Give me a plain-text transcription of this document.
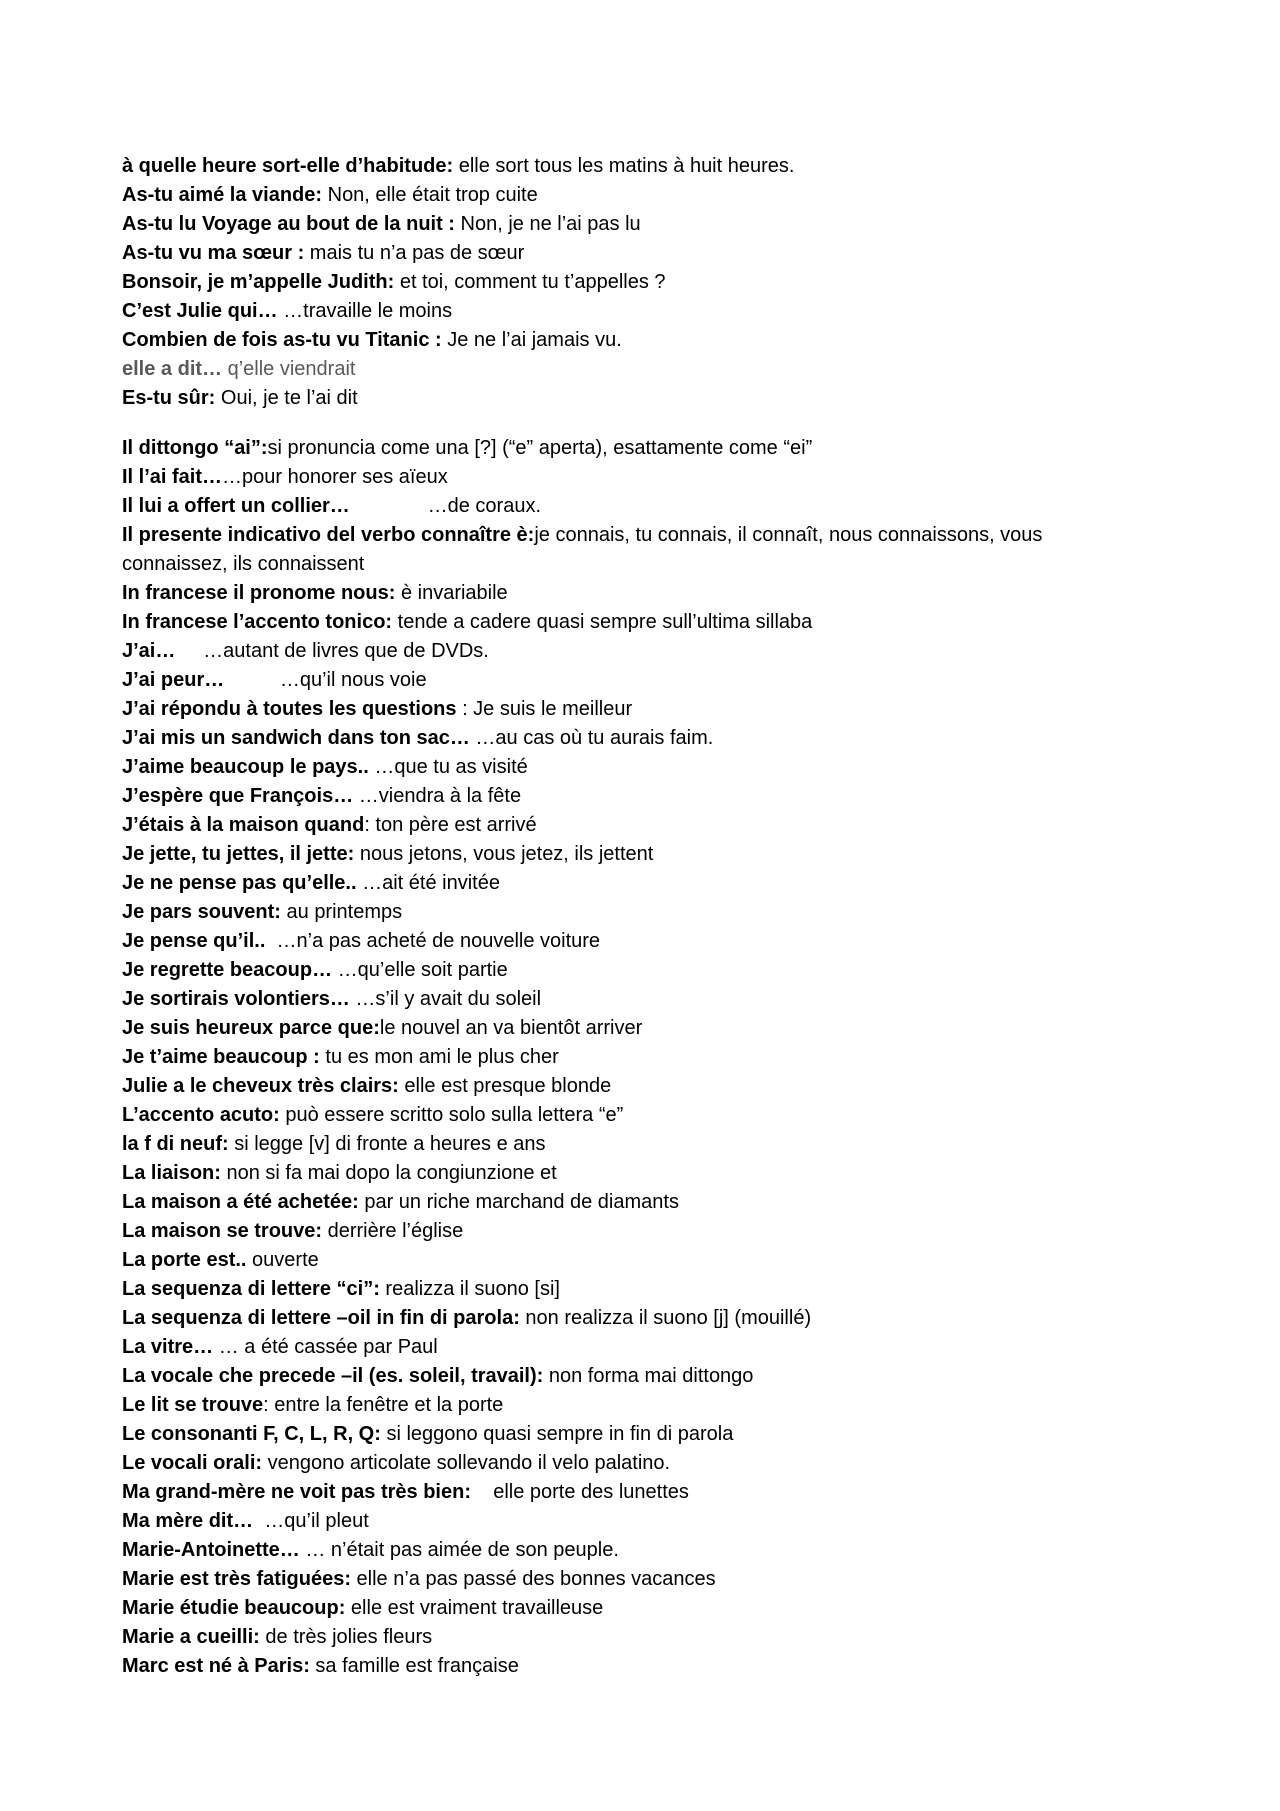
à quelle heure sort-elle d’habitude: elle sort tous les matins à huit heures.

As-tu aimé la viande: Non, elle était trop cuite

As-tu lu Voyage au bout de la nuit : Non, je ne l’ai pas lu

As-tu vu ma sœur : mais tu n’a pas de sœur

Bonsoir, je m’appelle Judith: et toi, comment tu t’appelles ?

C’est Julie qui… …travaille le moins

Combien de fois as-tu vu Titanic : Je ne l’ai jamais vu.

elle a dit… q’elle viendrait

Es-tu sûr: Oui, je te l’ai dit

Il dittongo “ai”:si pronuncia come una [?] (“e” aperta), esattamente come “ei”

Il l’ai fait……pour honorer ses aïeux

Il lui a offert un collier…              …de coraux.

Il presente indicativo del verbo connaître è:je connais, tu connais, il connaît, nous connaissons, vous connaissez, ils connaissent

In francese il pronome nous: è invariabile

In francese l’accento tonico: tende a cadere quasi sempre sull’ultima sillaba

J’ai…     …autant de livres que de DVDs.

J’ai peur…          …qu’il nous voie

J’ai répondu à toutes les questions : Je suis le meilleur

J’ai mis un sandwich dans ton sac… …au cas où tu aurais faim.

J’aime beaucoup le pays.. …que tu as visité

J’espère que François… …viendra à la fête

J’étais à la maison quand: ton père est arrivé

Je jette, tu jettes, il jette: nous jetons, vous jetez, ils jettent

Je ne pense pas qu’elle.. …ait été invitée

Je pars souvent: au printemps

Je pense qu’il..  …n’a pas acheté de nouvelle voiture

Je regrette beacoup… …qu’elle soit partie

Je sortirais volontiers… …s’il y avait du soleil

Je suis heureux parce que:le nouvel an va bientôt arriver

Je t’aime beaucoup : tu es mon ami le plus cher

Julie a le cheveux très clairs: elle est presque blonde

L’accento acuto: può essere scritto solo sulla lettera “e”

la f di neuf: si legge [v] di fronte a heures e ans

La liaison: non si fa mai dopo la congiunzione et

La maison a été achetée: par un riche marchand de diamants

La maison se trouve: derrière l’église

La porte est.. ouverte

La sequenza di lettere “ci”: realizza il suono [si]

La sequenza di lettere –oil in fin di parola: non realizza il suono [j] (mouillé)

La vitre… … a été cassée par Paul

La vocale che precede –il (es. soleil, travail): non forma mai dittongo

Le lit se trouve: entre la fenêtre et la porte

Le consonanti F, C, L, R, Q: si leggono quasi sempre in fin di parola

Le vocali orali: vengono articolate sollevando il velo palatino.

Ma grand-mère ne voit pas très bien:    elle porte des lunettes

Ma mère dit…  …qu’il pleut

Marie-Antoinette… … n’était pas aimée de son peuple.

Marie est très fatiguées: elle n’a pas passé des bonnes vacances

Marie étudie beaucoup: elle est vraiment travailleuse

Marie a cueilli: de très jolies fleurs

Marc est né à Paris: sa famille est française
